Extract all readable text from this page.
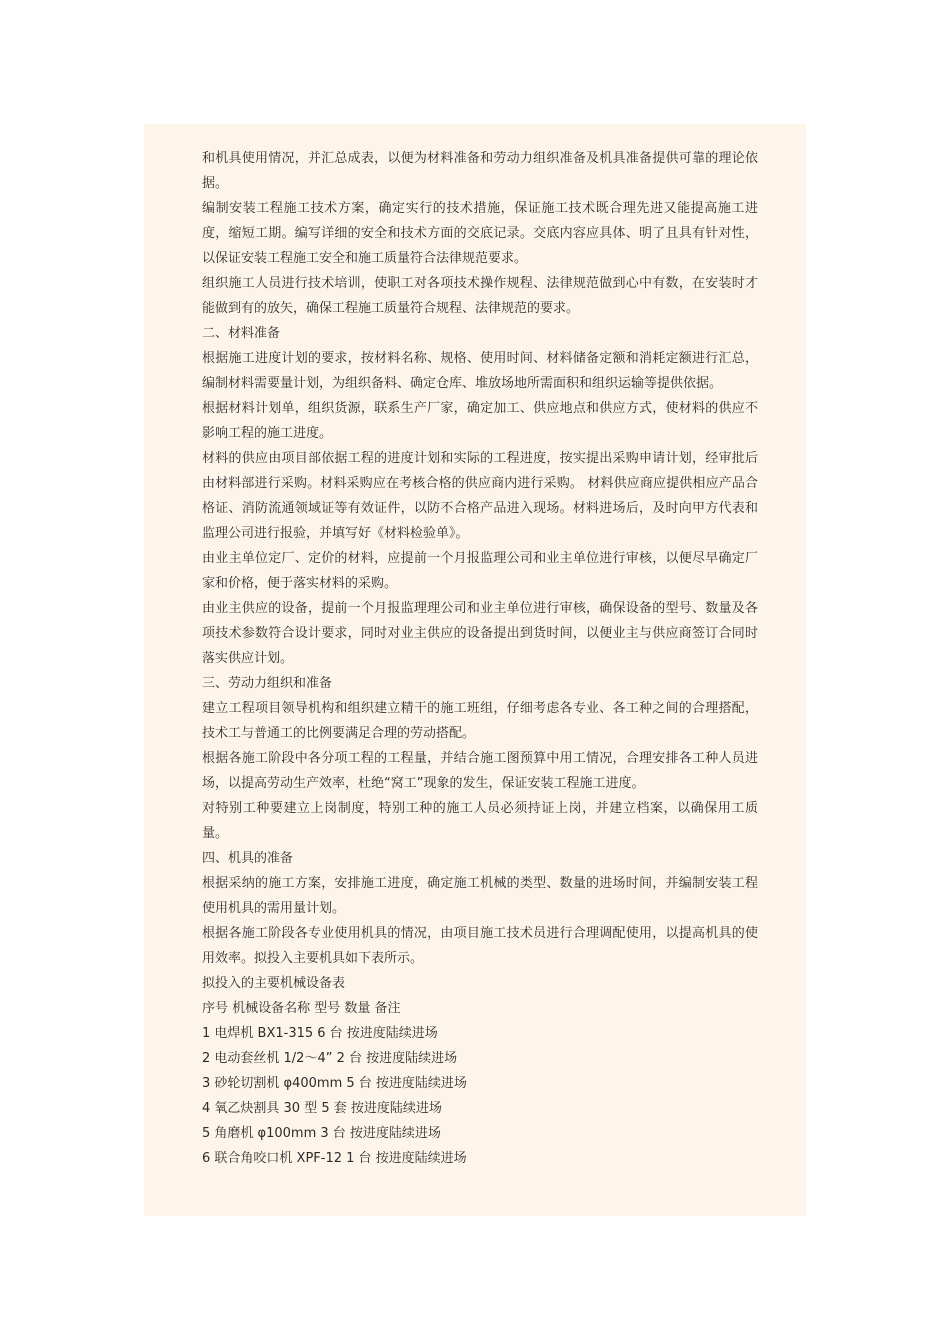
和机具使用情况，并汇总成表，以便为材料准备和劳动力组织准备及机具准备提供可靠的理论依据。

编制安装工程施工技术方案，确定实行的技术措施，保证施工技术既合理先进又能提高施工进度，缩短工期。编写详细的安全和技术方面的交底记录。交底内容应具体、明了且具有针对性，以保证安装工程施工安全和施工质量符合法律规范要求。

组织施工人员进行技术培训，使职工对各项技术操作规程、法律规范做到心中有数，在安装时才能做到有的放矢，确保工程施工质量符合规程、法律规范的要求。

二、材料准备

根据施工进度计划的要求，按材料名称、规格、使用时间、材料储备定额和消耗定额进行汇总，编制材料需要量计划，为组织备料、确定仓库、堆放场地所需面积和组织运输等提供依据。

根据材料计划单，组织货源，联系生产厂家，确定加工、供应地点和供应方式，使材料的供应不影响工程的施工进度。

材料的供应由项目部依据工程的进度计划和实际的工程进度，按实提出采购申请计划，经审批后由材料部进行采购。材料采购应在考核合格的供应商内进行采购。 材料供应商应提供相应产品合格证、消防流通领域证等有效证件，以防不合格产品进入现场。材料进场后，及时向甲方代表和监理公司进行报验，并填写好《材料检验单》。

由业主单位定厂、定价的材料，应提前一个月报监理公司和业主单位进行审核，以便尽早确定厂家和价格，便于落实材料的采购。

由业主供应的设备，提前一个月报监理理公司和业主单位进行审核，确保设备的型号、数量及各项技术参数符合设计要求，同时对业主供应的设备提出到货时间，以便业主与供应商签订合同时落实供应计划。

三、劳动力组织和准备

建立工程项目领导机构和组织建立精干的施工班组，仔细考虑各专业、各工种之间的合理搭配，技术工与普通工的比例要满足合理的劳动搭配。

根据各施工阶段中各分项工程的工程量，并结合施工图预算中用工情况，合理安排各工种人员进场，以提高劳动生产效率，杜绝“窝工”现象的发生，保证安装工程施工进度。

对特别工种要建立上岗制度，特别工种的施工人员必须持证上岗，并建立档案，以确保用工质量。

四、机具的准备

根据采纳的施工方案，安排施工进度，确定施工机械的类型、数量的进场时间，并编制安装工程使用机具的需用量计划。

根据各施工阶段各专业使用机具的情况，由项目施工技术员进行合理调配使用，以提高机具的使用效率。拟投入主要机具如下表所示。

拟投入的主要机械设备表

序号 机械设备名称 型号 数量 备注

1 电焊机 BX1-315 6 台 按进度陆续进场

2 电动套丝机 1/2～4” 2 台 按进度陆续进场

3 砂轮切割机 φ400mm 5 台 按进度陆续进场

4 氧乙炔割具 30 型 5 套 按进度陆续进场

5 角磨机 φ100mm 3 台 按进度陆续进场

6 联合角咬口机 XPF-12 1 台 按进度陆续进场
